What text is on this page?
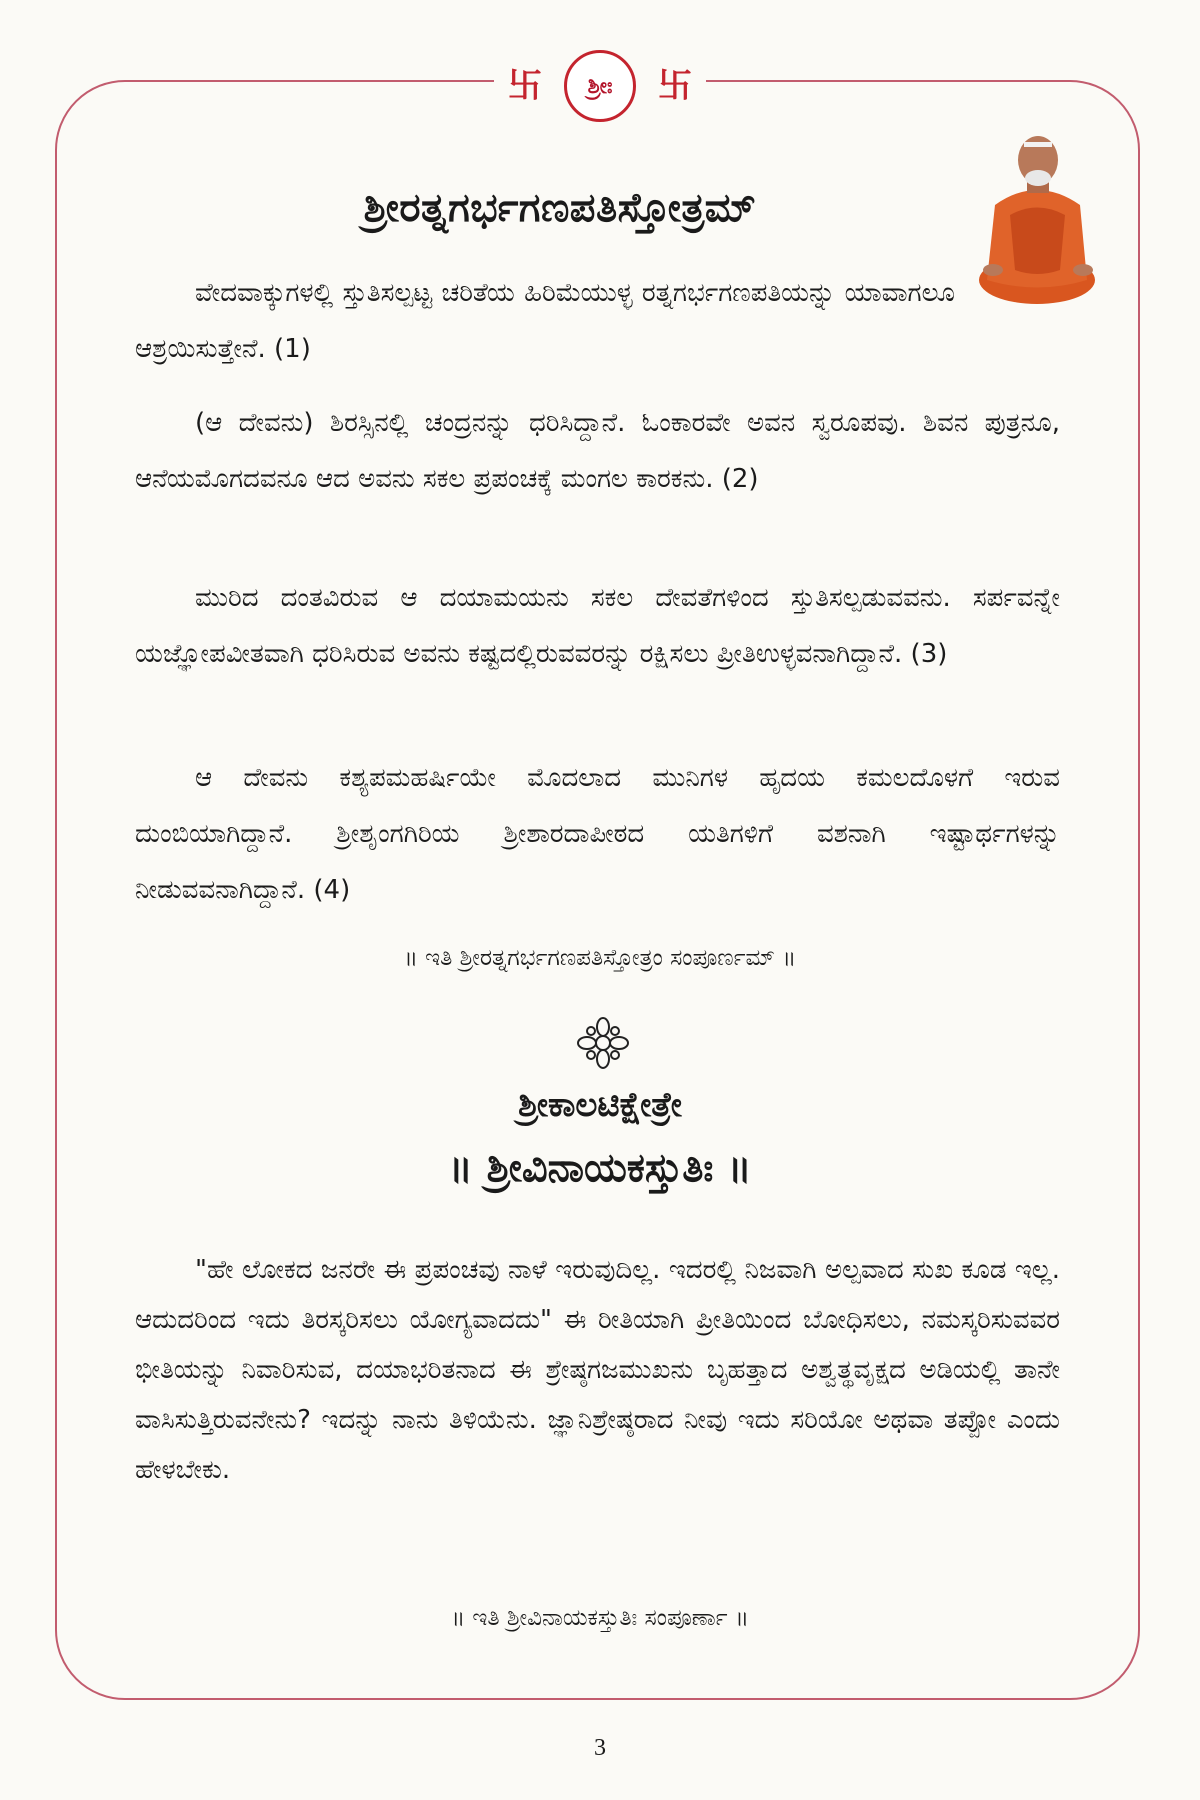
卐	ಶ್ರೀಃ	卐
ಶ್ರೀರತ್ನಗರ್ಭಗಣಪತಿಸ್ತೋತ್ರಮ್
ವೇದವಾಕ್ಕುಗಳಲ್ಲಿ ಸ್ತುತಿಸಲ್ಪಟ್ಟ ಚರಿತೆಯ ಹಿರಿಮೆಯುಳ್ಳ ರತ್ನಗರ್ಭಗಣಪತಿಯನ್ನು ಯಾವಾಗಲೂ ಆಶ್ರಯಿಸುತ್ತೇನೆ. (1)
(ಆ ದೇವನು) ಶಿರಸ್ಸಿನಲ್ಲಿ ಚಂದ್ರನನ್ನು ಧರಿಸಿದ್ದಾನೆ. ಓಂಕಾರವೇ ಅವನ ಸ್ವರೂಪವು. ಶಿವನ ಪುತ್ರನೂ, ಆನೆಯಮೊಗದವನೂ ಆದ ಅವನು ಸಕಲ ಪ್ರಪಂಚಕ್ಕೆ ಮಂಗಲ ಕಾರಕನು. (2)
ಮುರಿದ ದಂತವಿರುವ ಆ ದಯಾಮಯನು ಸಕಲ ದೇವತೆಗಳಿಂದ ಸ್ತುತಿಸಲ್ಪಡುವವನು. ಸರ್ಪವನ್ನೇ ಯಜ್ಞೋಪವೀತವಾಗಿ ಧರಿಸಿರುವ ಅವನು ಕಷ್ಟದಲ್ಲಿರುವವರನ್ನು ರಕ್ಷಿಸಲು ಪ್ರೀತಿಉಳ್ಳವನಾಗಿದ್ದಾನೆ. (3)
ಆ ದೇವನು ಕಶ್ಯಪಮಹರ್ಷಿಯೇ ಮೊದಲಾದ ಮುನಿಗಳ ಹೃದಯ ಕಮಲದೊಳಗೆ ಇರುವ ದುಂಬಿಯಾಗಿದ್ದಾನೆ. ಶ್ರೀಶೃಂಗಗಿರಿಯ ಶ್ರೀಶಾರದಾಪೀಠದ ಯತಿಗಳಿಗೆ ವಶನಾಗಿ ಇಷ್ಟಾರ್ಥಗಳನ್ನು ನೀಡುವವನಾಗಿದ್ದಾನೆ. (4)
॥ ಇತಿ ಶ್ರೀರತ್ನಗರ್ಭಗಣಪತಿಸ್ತೋತ್ರಂ ಸಂಪೂರ್ಣಮ್ ॥
ಶ್ರೀಕಾಲಟಿಕ್ಷೇತ್ರೇ
॥ ಶ್ರೀವಿನಾಯಕಸ್ತುತಿಃ ॥
"ಹೇ ಲೋಕದ ಜನರೇ ಈ ಪ್ರಪಂಚವು ನಾಳೆ ಇರುವುದಿಲ್ಲ. ಇದರಲ್ಲಿ ನಿಜವಾಗಿ ಅಲ್ಪವಾದ ಸುಖ ಕೂಡ ಇಲ್ಲ. ಆದುದರಿಂದ ಇದು ತಿರಸ್ಕರಿಸಲು ಯೋಗ್ಯವಾದದು" ಈ ರೀತಿಯಾಗಿ ಪ್ರೀತಿಯಿಂದ ಬೋಧಿಸಲು, ನಮಸ್ಕರಿಸುವವರ ಭೀತಿಯನ್ನು ನಿವಾರಿಸುವ, ದಯಾಭರಿತನಾದ ಈ ಶ್ರೇಷ್ಠಗಜಮುಖನು ಬೃಹತ್ತಾದ ಅಶ್ವತ್ಥವೃಕ್ಷದ ಅಡಿಯಲ್ಲಿ ತಾನೇ ವಾಸಿಸುತ್ತಿರುವನೇನು? ಇದನ್ನು ನಾನು ತಿಳಿಯೆನು. ಜ್ಞಾನಿಶ್ರೇಷ್ಠರಾದ ನೀವು ಇದು ಸರಿಯೋ ಅಥವಾ ತಪ್ಪೋ ಎಂದು ಹೇಳಬೇಕು.
॥ ಇತಿ ಶ್ರೀವಿನಾಯಕಸ್ತುತಿಃ ಸಂಪೂರ್ಣಾ ॥
3
